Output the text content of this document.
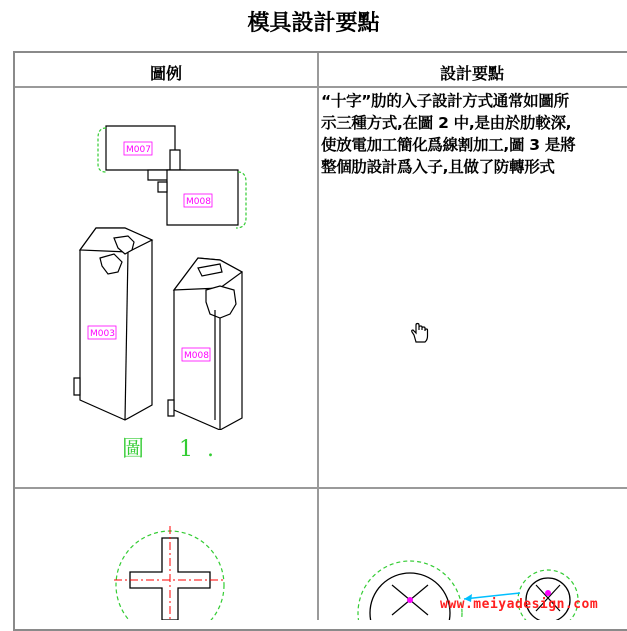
模具設計要點
圖例	設計要點
“十字”肋的入子設計方式通常如圖所
示三種方式,在圖 2 中,是由於肋較深,
使放電加工簡化爲線割加工,圖 3 是將
整個肋設計爲入子,且做了防轉形式
M007
M008
M003
M008
圖 1.
www.meiyadesign.com
